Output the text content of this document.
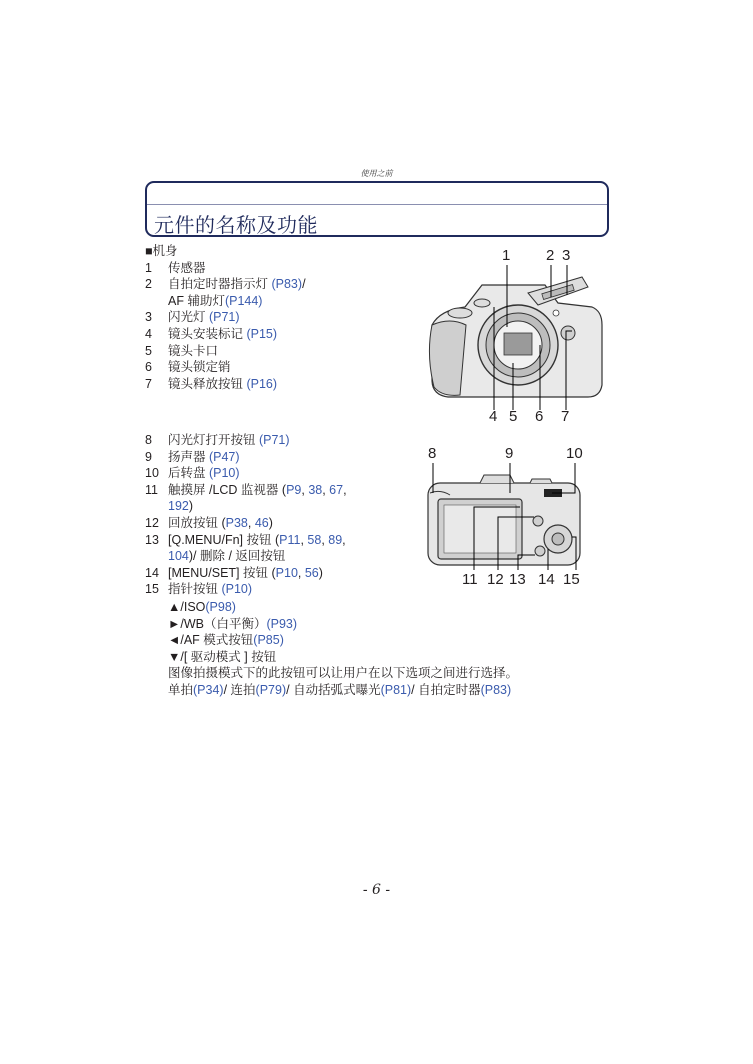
使用之前
元件的名称及功能
■机身
1	传感器
2	自拍定时器指示灯 (P83)/
AF 辅助灯 (P144)
3	闪光灯 (P71)
4	镜头安装标记 (P15)
5	镜头卡口
6	镜头锁定销
7	镜头释放按钮 (P16)
8	闪光灯打开按钮 (P71)
9	扬声器 (P47)
10 后转盘 (P10)
11 触摸屏 /LCD 监视器 (P9, 38, 67,
192 )
12 回放按钮 (P38, 46)
13 [Q.MENU/Fn] 按钮 (P11, 58, 89,
104 )/ 删除 / 返回按钮
14 [MENU/SET] 按钮 (P10, 56)
15 指针按钮 (P10)
▲/ISO (P98)
►/WB（白平衡） (P93)
◄/AF 模式按钮 (P85)
▼/[ 驱动模式 ] 按钮
图像拍摄模式下的此按钮可以让用户在以下选项之间进行选择。
单拍 (P34) / 连拍 (P79) / 自动括弧式曝光 (P81) / 自拍定时器 (P83)
1 2 3
4 5 6 7
8	9	10
11 12 13 14 15
- 6 -
